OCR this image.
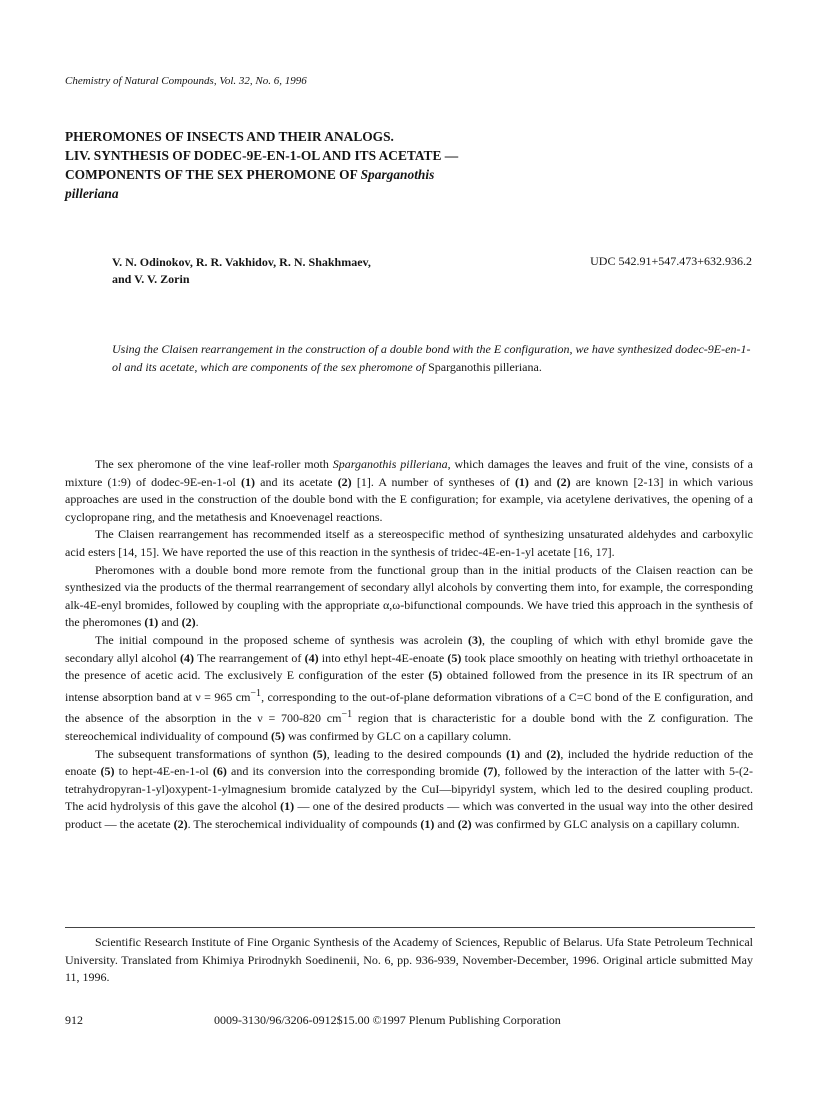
Chemistry of Natural Compounds, Vol. 32, No. 6, 1996
PHEROMONES OF INSECTS AND THEIR ANALOGS.
LIV. SYNTHESIS OF DODEC-9E-EN-1-OL AND ITS ACETATE —
COMPONENTS OF THE SEX PHEROMONE OF Sparganothis
pilleriana
V. N. Odinokov, R. R. Vakhidov, R. N. Shakhmaev,
and V. V. Zorin
UDC 542.91+547.473+632.936.2
Using the Claisen rearrangement in the construction of a double bond with the E configuration, we have synthesized dodec-9E-en-1-ol and its acetate, which are components of the sex pheromone of Sparganothis pilleriana.

The sex pheromone of the vine leaf-roller moth Sparganothis pilleriana, which damages the leaves and fruit of the vine, consists of a mixture (1:9) of dodec-9E-en-1-ol (1) and its acetate (2) [1]. A number of syntheses of (1) and (2) are known [2-13] in which various approaches are used in the construction of the double bond with the E configuration; for example, via acetylene derivatives, the opening of a cyclopropane ring, and the metathesis and Knoevenagel reactions.

The Claisen rearrangement has recommended itself as a stereospecific method of synthesizing unsaturated aldehydes and carboxylic acid esters [14, 15]. We have reported the use of this reaction in the synthesis of tridec-4E-en-1-yl acetate [16, 17].

Pheromones with a double bond more remote from the functional group than in the initial products of the Claisen reaction can be synthesized via the products of the thermal rearrangement of secondary allyl alcohols by converting them into, for example, the corresponding alk-4E-enyl bromides, followed by coupling with the appropriate α,ω-bifunctional compounds. We have tried this approach in the synthesis of the pheromones (1) and (2).

The initial compound in the proposed scheme of synthesis was acrolein (3), the coupling of which with ethyl bromide gave the secondary allyl alcohol (4) The rearrangement of (4) into ethyl hept-4E-enoate (5) took place smoothly on heating with triethyl orthoacetate in the presence of acetic acid. The exclusively E configuration of the ester (5) obtained followed from the presence in its IR spectrum of an intense absorption band at ν = 965 $cm^{-1}$, corresponding to the out-of-plane deformation vibrations of a C=C bond of the E configuration, and the absence of the absorption in the ν = 700-820 $cm^{-1}$ region that is characteristic for a double bond with the Z configuration. The stereochemical individuality of compound (5) was confirmed by GLC on a capillary column.

The subsequent transformations of synthon (5), leading to the desired compounds (1) and (2), included the hydride reduction of the enoate (5) to hept-4E-en-1-ol (6) and its conversion into the corresponding bromide (7), followed by the interaction of the latter with 5-(2-tetrahydropyran-1-yl)oxypent-1-ylmagnesium bromide catalyzed by the CuI—bipyridyl system, which led to the desired coupling product. The acid hydrolysis of this gave the alcohol (1) — one of the desired products — which was converted in the usual way into the other desired product — the acetate (2). The sterochemical individuality of compounds (1) and (2) was confirmed by GLC analysis on a capillary column.

Scientific Research Institute of Fine Organic Synthesis of the Academy of Sciences, Republic of Belarus. Ufa State Petroleum Technical University. Translated from Khimiya Prirodnykh Soedinenii, No. 6, pp. 936-939, November-December, 1996. Original article submitted May 11, 1996.

912	0009-3130/96/3206-0912$15.00 ©1997 Plenum Publishing Corporation
